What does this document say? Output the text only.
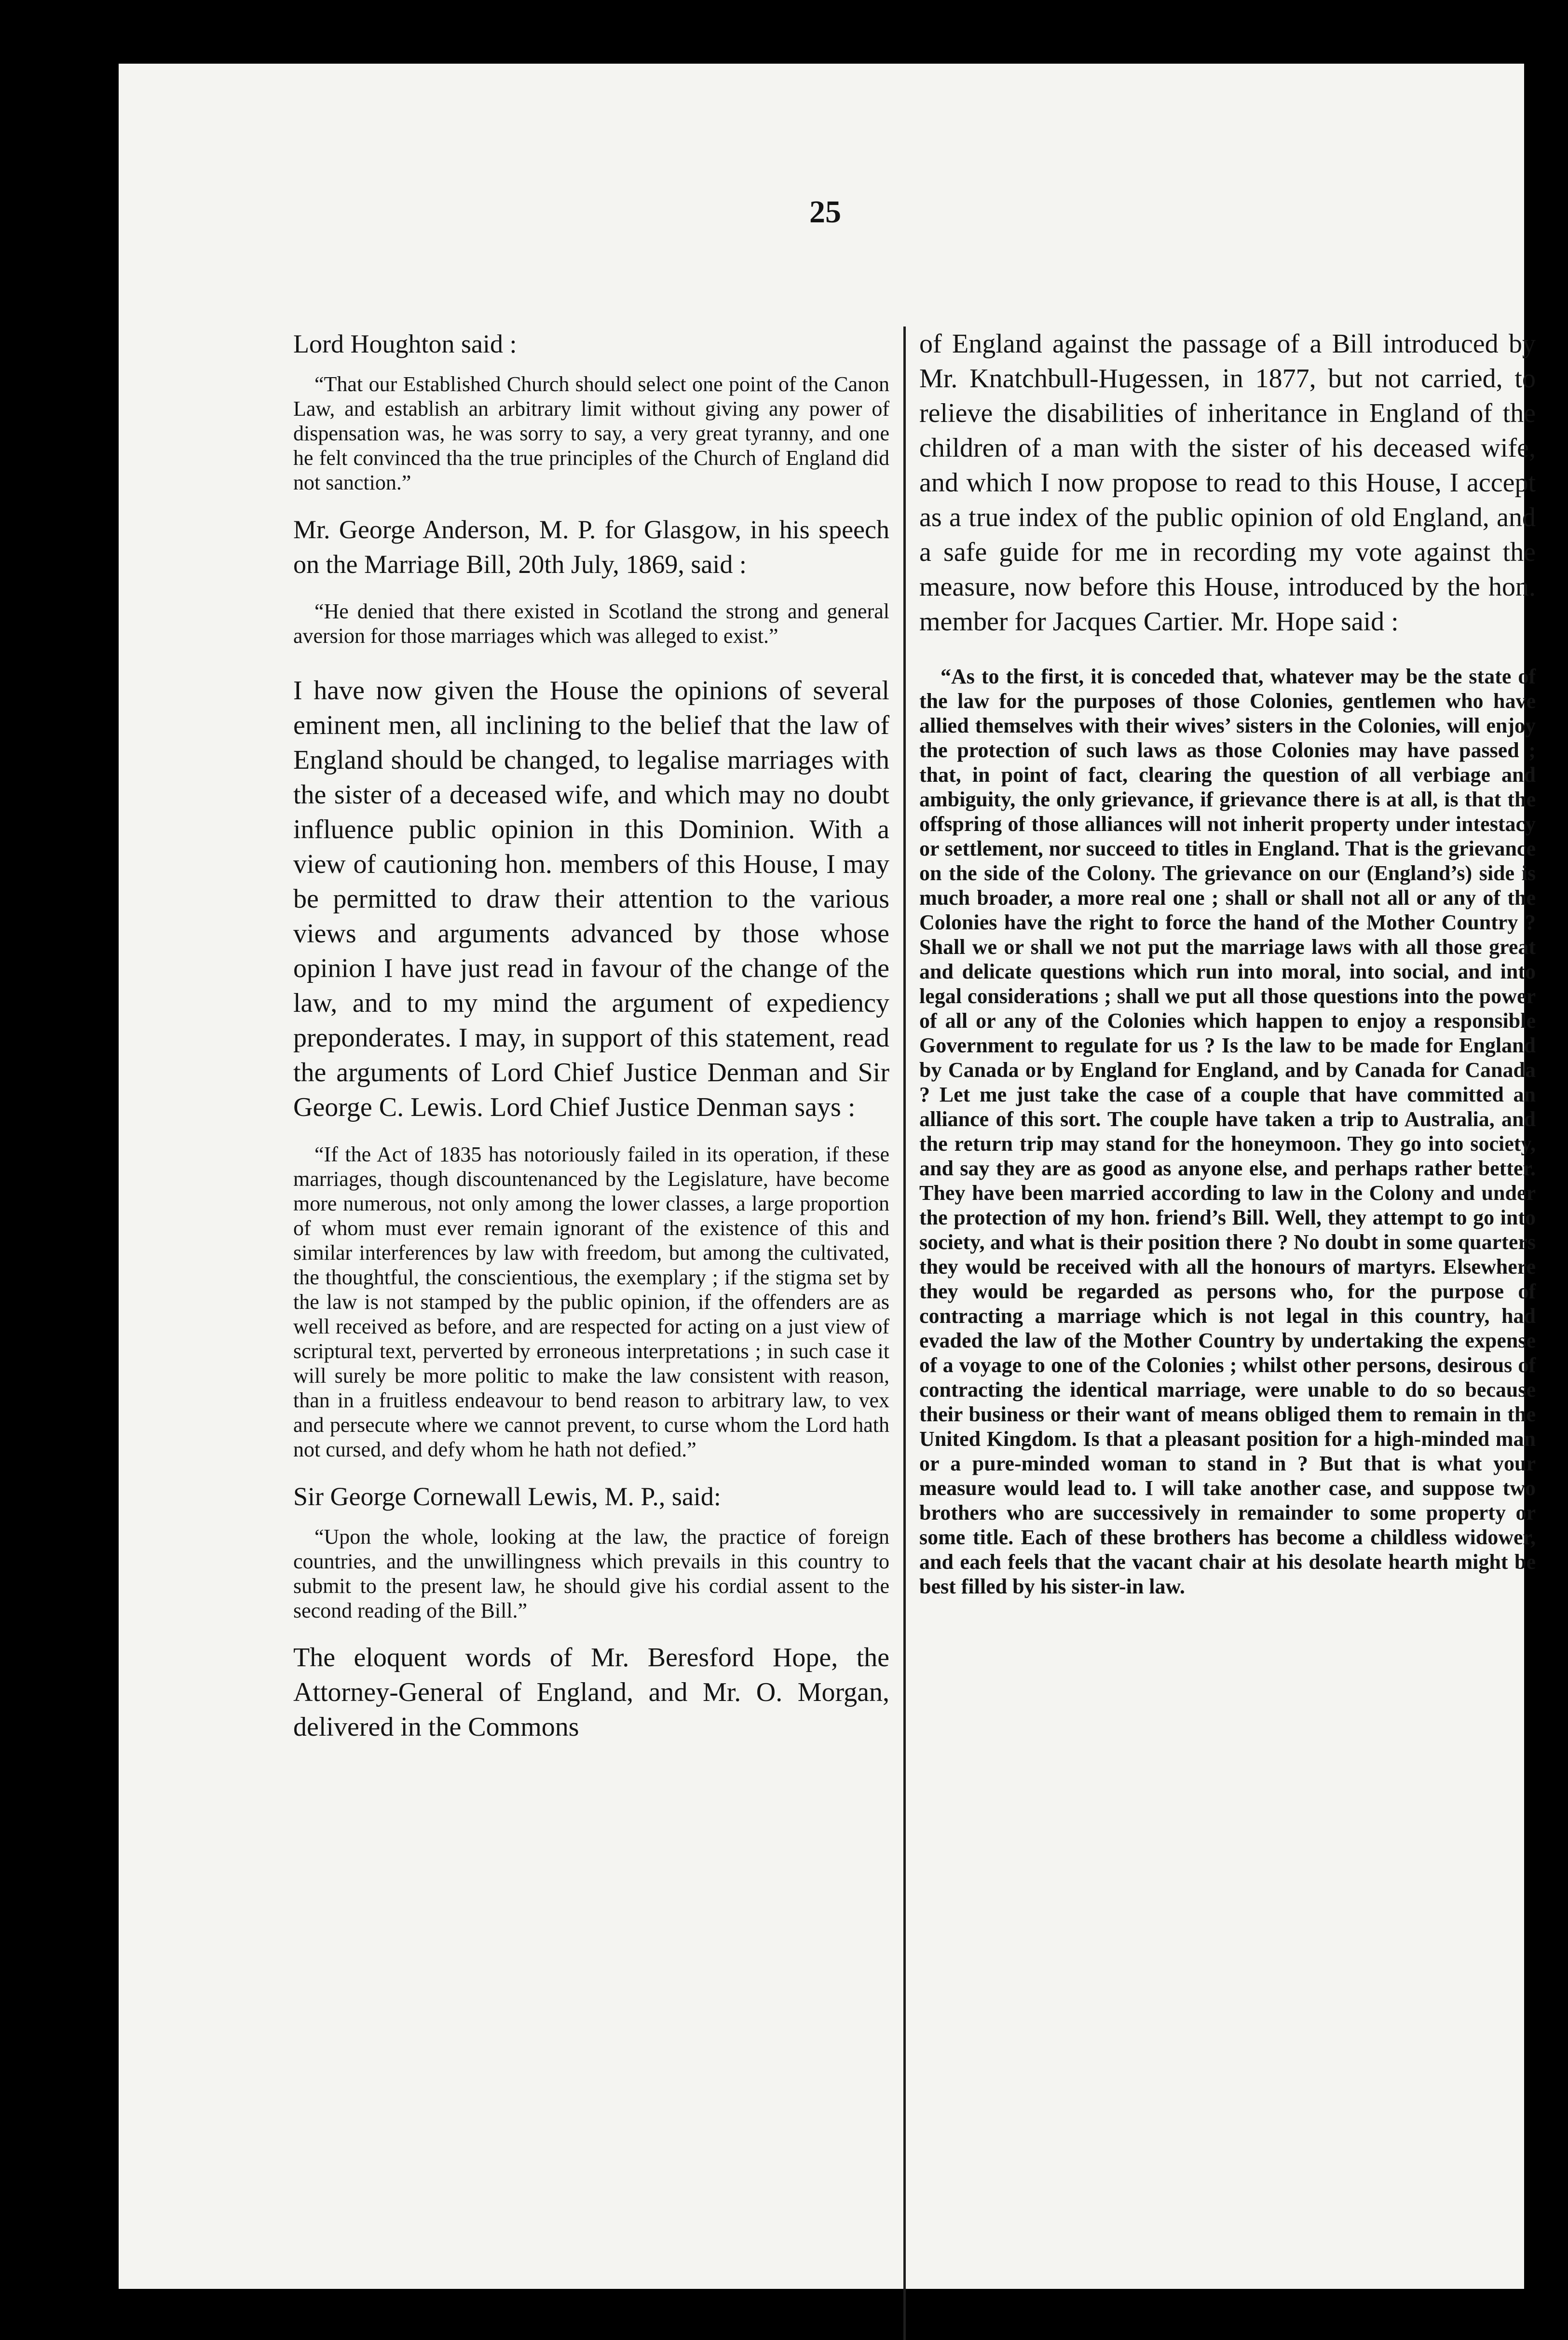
25

Lord Houghton said :

“That our Established Church should select one point of the Canon Law, and establish an arbitrary limit without giving any power of dispensation was, he was sorry to say, a very great tyranny, and one he felt convinced tha the true principles of the Church of England did not sanction.”

Mr. George Anderson, M. P. for Glasgow, in his speech on the Marriage Bill, 20th July, 1869, said :

“He denied that there existed in Scotland the strong and general aversion for those marriages which was alleged to exist.”

I have now given the House the opinions of several eminent men, all inclining to the belief that the law of England should be changed, to legalise marriages with the sister of a deceased wife, and which may no doubt influence public opinion in this Dominion. With a view of cautioning hon. members of this House, I may be permitted to draw their attention to the various views and arguments advanced by those whose opinion I have just read in favour of the change of the law, and to my mind the argument of expediency preponderates. I may, in support of this statement, read the arguments of Lord Chief Justice Denman and Sir George C. Lewis. Lord Chief Justice Denman says :

“If the Act of 1835 has notoriously failed in its operation, if these marriages, though discountenanced by the Legislature, have become more numerous, not only among the lower classes, a large proportion of whom must ever remain ignorant of the existence of this and similar interferences by law with freedom, but among the cultivated, the thoughtful, the conscientious, the exemplary ; if the stigma set by the law is not stamped by the public opinion, if the offenders are as well received as before, and are respected for acting on a just view of scriptural text, perverted by erroneous interpretations ; in such case it will surely be more politic to make the law consistent with reason, than in a fruitless endeavour to bend reason to arbitrary law, to vex and persecute where we cannot prevent, to curse whom the Lord hath not cursed, and defy whom he hath not defied.”

Sir George Cornewall Lewis, M. P., said:

“Upon the whole, looking at the law, the practice of foreign countries, and the unwillingness which prevails in this country to submit to the present law, he should give his cordial assent to the second reading of the Bill.”

The eloquent words of Mr. Beresford Hope, the Attorney-General of England, and Mr. O. Morgan, delivered in the Commons

of England against the passage of a Bill introduced by Mr. Knatchbull-Hugessen, in 1877, but not carried, to relieve the disabilities of inheritance in England of the children of a man with the sister of his deceased wife, and which I now propose to read to this House, I accept as a true index of the public opinion of old England, and a safe guide for me in recording my vote against the measure, now before this House, introduced by the hon. member for Jacques Cartier. Mr. Hope said :

“As to the first, it is conceded that, whatever may be the state of the law for the purposes of those Colonies, gentlemen who have allied themselves with their wives’ sisters in the Colonies, will enjoy the protection of such laws as those Colonies may have passed ; that, in point of fact, clearing the question of all verbiage and ambiguity, the only grievance, if grievance there is at all, is that the offspring of those alliances will not inherit property under intestacy or settlement, nor succeed to titles in England. That is the grievance on the side of the Colony. The grievance on our (England’s) side is much broader, a more real one ; shall or shall not all or any of the Colonies have the right to force the hand of the Mother Country ? Shall we or shall we not put the marriage laws with all those great and delicate questions which run into moral, into social, and into legal considerations ; shall we put all those questions into the power of all or any of the Colonies which happen to enjoy a responsible Government to regulate for us ? Is the law to be made for England by Canada or by England for England, and by Canada for Canada ? Let me just take the case of a couple that have committed an alliance of this sort. The couple have taken a trip to Australia, and the return trip may stand for the honeymoon. They go into society, and say they are as good as anyone else, and perhaps rather better. They have been married according to law in the Colony and under the protection of my hon. friend’s Bill. Well, they attempt to go into society, and what is their position there ? No doubt in some quarters they would be received with all the honours of martyrs. Elsewhere they would be regarded as persons who, for the purpose of contracting a marriage which is not legal in this country, had evaded the law of the Mother Country by undertaking the expense of a voyage to one of the Colonies ; whilst other persons, desirous of contracting the identical marriage, were unable to do so because their business or their want of means obliged them to remain in the United Kingdom. Is that a pleasant position for a high-minded man or a pure-minded woman to stand in ? But that is what your measure would lead to. I will take another case, and suppose two brothers who are successively in remainder to some property or some title. Each of these brothers has become a childless widower, and each feels that the vacant chair at his desolate hearth might be best filled by his sister-in law.
